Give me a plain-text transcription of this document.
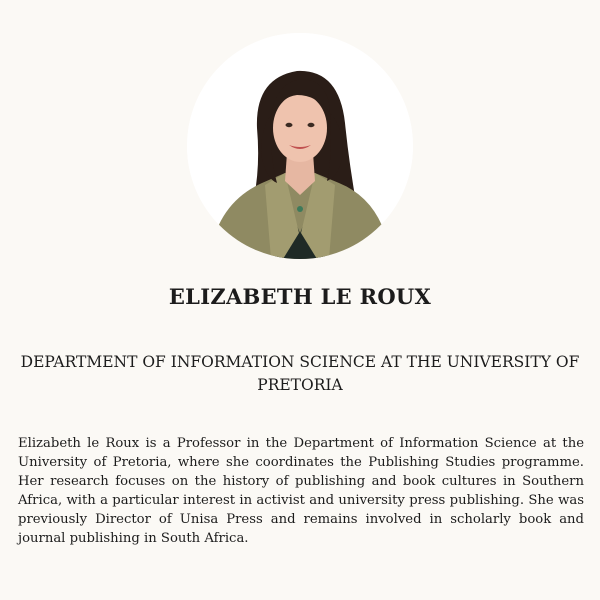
ELIZABETH LE ROUX

DEPARTMENT OF INFORMATION SCIENCE AT THE UNIVERSITY OF PRETORIA

Elizabeth le Roux is a Professor in the Department of Information Science at the University of Pretoria, where she coordinates the Publishing Studies programme. Her research focuses on the history of publishing and book cultures in Southern Africa, with a particular interest in activist and university press publishing. She was previously Director of Unisa Press and remains involved in scholarly book and journal publishing in South Africa.
